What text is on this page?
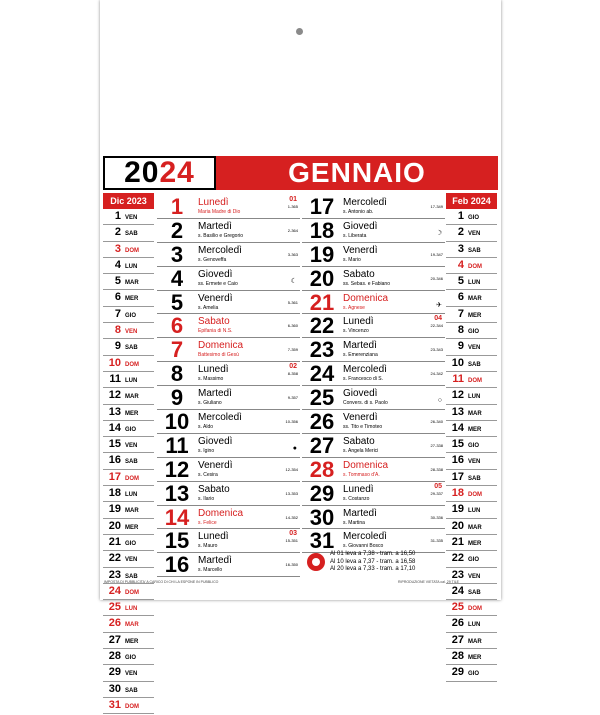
2024	GENNAIO
Dic 2023
1 VEN
2 SAB
3 DOM
4 LUN
5 MAR
6 MER
7 GIO
8 VEN
9 SAB
10 DOM
11 LUN
12 MAR
13 MER
14 GIO
15 VEN
16 SAB
17 DOM
18 LUN
19 MAR
20 MER
21 GIO
22 VEN
23 SAB
24 DOM
25 LUN
26 MAR
27 MER
28 GIO
29 VEN
30 SAB
31 DOM
Feb 2024
1 GIO
2 VEN
3 SAB
4 DOM
5 LUN
6 MAR
7 MER
8 GIO
9 VEN
10 SAB
11 DOM
12 LUN
13 MAR
14 MER
15 GIO
16 VEN
17 SAB
18 DOM
19 LUN
20 MAR
21 MER
22 GIO
23 VEN
24 SAB
25 DOM
26 LUN
27 MAR
28 MER
29 GIO
1	Lunedì
Maria Madre di Dio
01
1-365
2	Martedì
s. Basilio e Gregorio
2-364
3	Mercoledì
s. Genoveffa
3-363
4	Giovedì
ss. Ermete e Caio	☾
5	Venerdì
s. Amelia
5-361
6	Sabato
Epifania di N.S.
6-360
7	Domenica
Battesimo di Gesù
7-359
8	Lunedì
s. Massimo
02
8-358
9	Martedì
s. Giuliano
9-357
10 Mercoledì
s. Aldo
10-356
11 Giovedì
s. Igino	●
12 Venerdì
s. Cesira
12-354
13 Sabato
s. Ilario
13-353
14 Domenica
s. Felice
14-352
15 Lunedì
s. Mauro
03
15-351
16 Martedì
s. Marcello
16-350
17 Mercoledì
s. Antonio ab.
17-349
18 Giovedì
s. Liberata	☽
19 Venerdì
s. Mario
19-347
20 Sabato
ss. Sebas. e Fabiano
20-346
21 Domenica
s. Agnese	✈
22 Lunedì
s. Vincenzo
04
22-344
23 Martedì
s. Emerenziana
23-343
24 Mercoledì
s. Francesco di S.
24-342
25 Giovedì
Convers. di s. Paolo	○
26 Venerdì
ss. Tito e Timoteo
26-340
27 Sabato
s. Angela Merici
27-338
28 Domenica
s. Tommaso d'A.
28-338
29 Lunedì
s. Costanzo
05
29-337
30 Martedì
s. Martina
30-336
31 Mercoledì
s. Giovanni Bosco
31-335
Al 01 leva a 7,38 - tram. a 16,50
Al 10 leva a 7,37 - tram. a 16,58
Al 20 leva a 7,33 - tram. a 17,10
IMPOSTA DI PUBBLICITA' A CARICO DI CHI LA ESPONE IN PUBBLICO	RIPRODUZIONE VIETATA cal. 29 TILE
